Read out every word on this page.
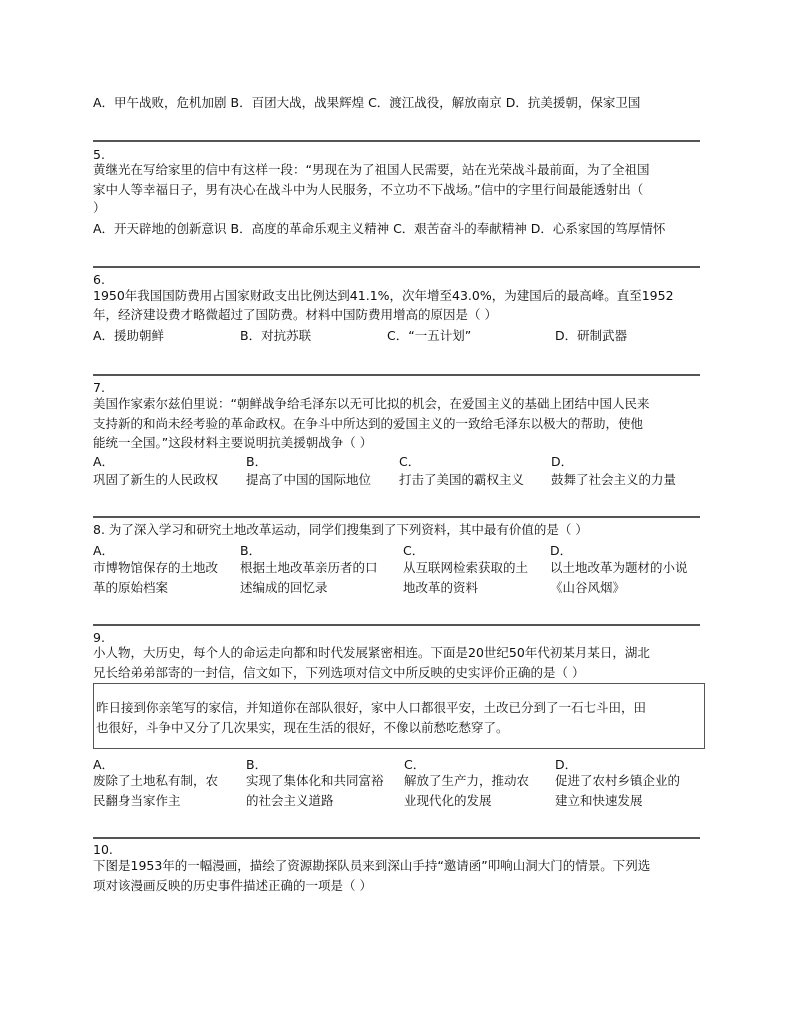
A．甲午战败，危机加剧 B．百团大战，战果辉煌 C．渡江战役，解放南京 D．抗美援朝，保家卫国
5.
黄继光在写给家里的信中有这样一段：“男现在为了祖国人民需要，站在光荣战斗最前面，为了全祖国
家中人等幸福日子，男有决心在战斗中为人民服务，不立功不下战场。”信中的字里行间最能透射出（
）
A．开天辟地的创新意识 B．高度的革命乐观主义精神 C．艰苦奋斗的奉献精神 D．心系家国的笃厚情怀
6.
1950年我国国防费用占国家财政支出比例达到41.1%，次年增至43.0%，为建国后的最高峰。直至1952
年，经济建设费才略微超过了国防费。材料中国防费用增高的原因是（ ）
A．援助朝鲜	B．对抗苏联	C．“一五计划”	D．研制武器
7.
美国作家索尔兹伯里说：“朝鲜战争给毛泽东以无可比拟的机会，在爱国主义的基础上团结中国人民来
支持新的和尚未经考验的革命政权。在争斗中所达到的爱国主义的一致给毛泽东以极大的帮助，使他
能统一全国。”这段材料主要说明抗美援朝战争（ ）
A．
巩固了新生的人民政权
B．
提高了中国的国际地位
C．
打击了美国的霸权主义
D．
鼓舞了社会主义的力量
8. 为了深入学习和研究土地改革运动，同学们搜集到了下列资料，其中最有价值的是（ ）
A．
市博物馆保存的土地改
革的原始档案
B．
根据土地改革亲历者的口
述编成的回忆录
C．
从互联网检索获取的土
地改革的资料
D．
以土地改革为题材的小说
《山谷风烟》
9.
小人物，大历史，每个人的命运走向都和时代发展紧密相连。下面是20世纪50年代初某月某日，湖北
兄长给弟弟部寄的一封信，信文如下，下列选项对信文中所反映的史实评价正确的是（ ）
昨日接到你亲笔写的家信，并知道你在部队很好，家中人口都很平安，土改已分到了一石七斗田，田
也很好，斗争中又分了几次果实，现在生活的很好，不像以前愁吃愁穿了。
A．
废除了土地私有制，农
民翻身当家作主
B．
实现了集体化和共同富裕
的社会主义道路
C．
解放了生产力，推动农
业现代化的发展
D．
促进了农村乡镇企业的
建立和快速发展
10.
下图是1953年的一幅漫画，描绘了资源勘探队员来到深山手持“邀请函”叩响山洞大门的情景。下列选
项对该漫画反映的历史事件描述正确的一项是（ ）
